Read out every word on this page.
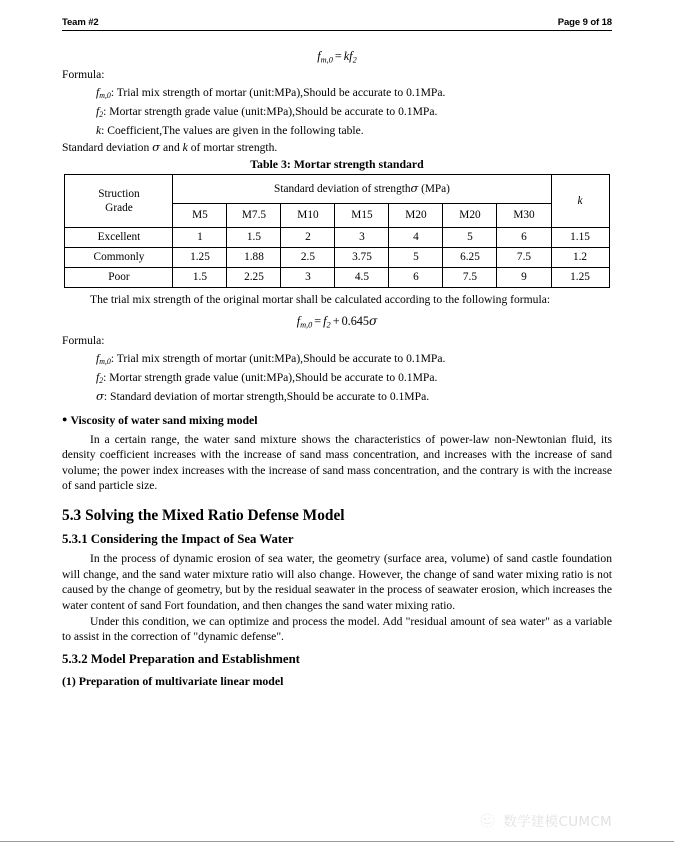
Team #2	Page 9 of 18
$f_{m,0} = kf_2$

Formula:

$f_{m,0}$: Trial mix strength of mortar (unit:MPa),Should be accurate to 0.1MPa.

$f_2$: Mortar strength grade value (unit:MPa),Should be accurate to 0.1MPa.

k: Coefficient,The values are given in the following table.

Standard deviation σ and k of mortar strength.

Table 3: Mortar strength standard
Struction
Grade	Standard deviation of strengthσ (MPa)							k
	M5	M7.5	M10	M15	M20	M20	M30	
Excellent	1	1.5	2	3	4	5	6	1.15
Commonly	1.25	1.88	2.5	3.75	5	6.25	7.5	1.2
Poor	1.5	2.25	3	4.5	6	7.5	9	1.25

The trial mix strength of the original mortar shall be calculated according to the following formula:

$f_{m,0} = f_2 + 0.645\sigma$

Formula:

$f_{m,0}$: Trial mix strength of mortar (unit:MPa),Should be accurate to 0.1MPa.

$f_2$: Mortar strength grade value (unit:MPa),Should be accurate to 0.1MPa.

σ: Standard deviation of mortar strength,Should be accurate to 0.1MPa.

● Viscosity of water sand mixing model

In a certain range, the water sand mixture shows the characteristics of power-law non-Newtonian fluid, its density coefficient increases with the increase of sand mass concentration, and increases with the increase of sand volume; the power index increases with the increase of sand mass concentration, and the contrary is with the increase of sand particle size.

5.3 Solving the Mixed Ratio Defense Model
5.3.1 Considering the Impact of Sea Water

In the process of dynamic erosion of sea water, the geometry (surface area, volume) of sand castle foundation will change, and the sand water mixture ratio will also change. However, the change of sand water mixing ratio is not caused by the change of geometry, but by the residual seawater in the process of seawater erosion, which increases the water content of sand Fort foundation, and then changes the sand water mixing ratio.

Under this condition, we can optimize and process the model. Add "residual amount of sea water" as a variable to assist in the correction of "dynamic defense".

5.3.2 Model Preparation and Establishment

(1) Preparation of multivariate linear model

数学建模CUMCM
